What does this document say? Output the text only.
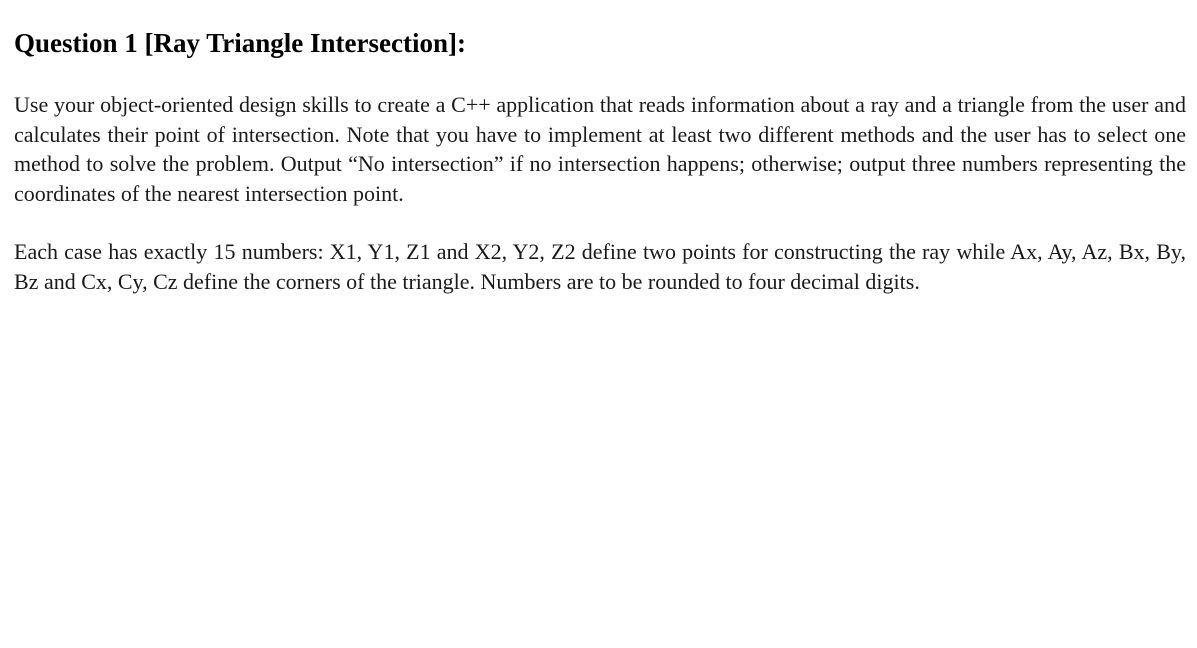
Question 1 [Ray Triangle Intersection]:

Use your object-oriented design skills to create a C++ application that reads information about a ray and a triangle from the user and calculates their point of intersection. Note that you have to implement at least two different methods and the user has to select one method to solve the problem. Output “No intersection” if no intersection happens; otherwise; output three numbers representing the coordinates of the nearest intersection point.

Each case has exactly 15 numbers: X1, Y1, Z1 and X2, Y2, Z2 define two points for constructing the ray while Ax, Ay, Az, Bx, By, Bz and Cx, Cy, Cz define the corners of the triangle. Numbers are to be rounded to four decimal digits.
